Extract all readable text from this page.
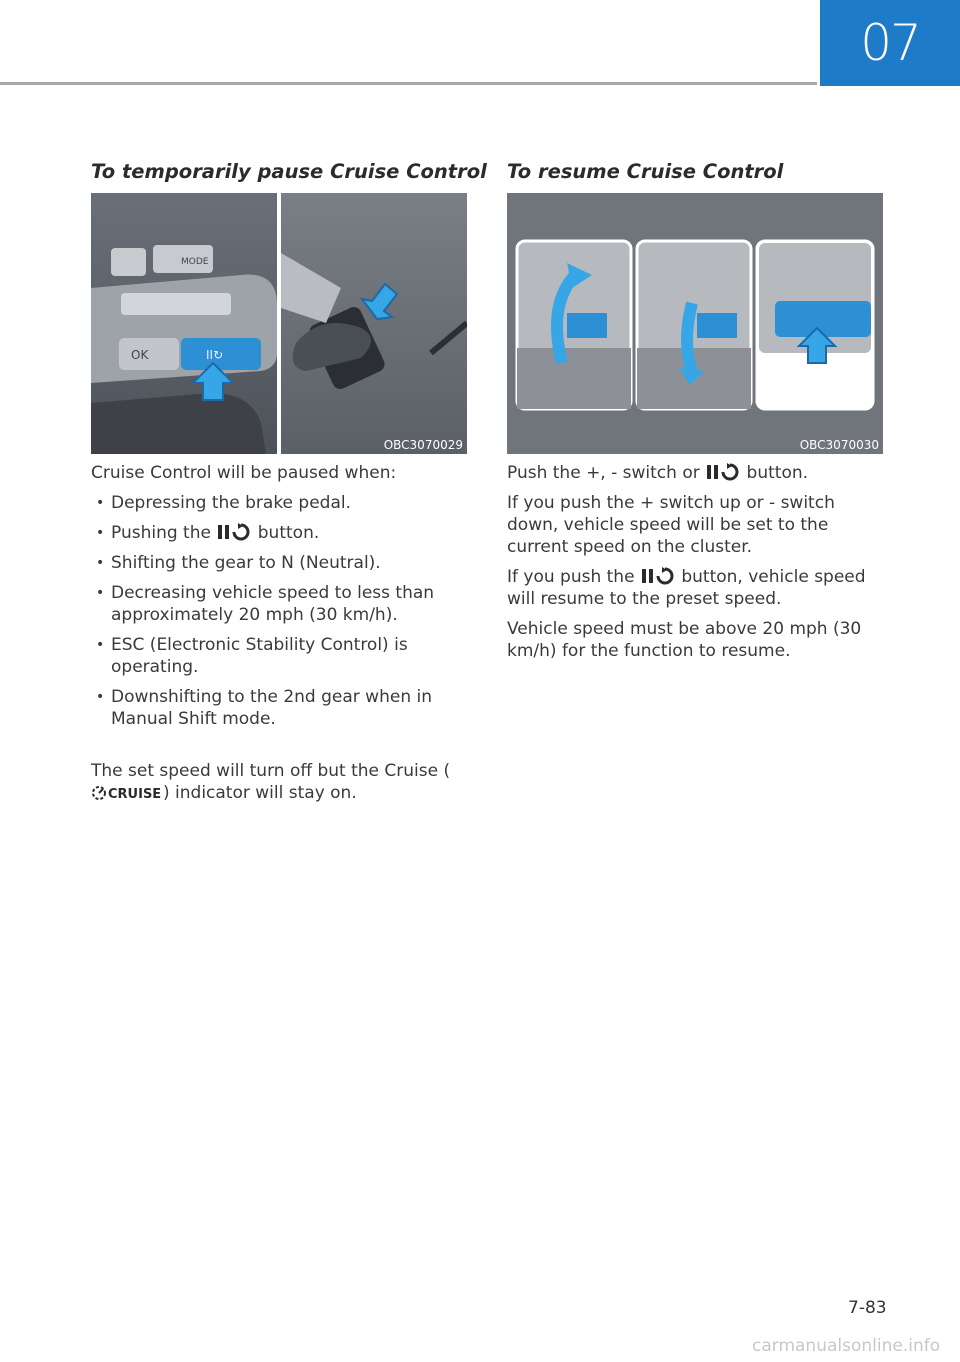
07
To temporarily pause Cruise Control
MODE
OK	II↻
OBC3070029

Cruise Control will be paused when:

• Depressing the brake pedal.
• Pushing the	button.
• Shifting the gear to N (Neutral).
• Decreasing vehicle speed to less than approximately 20 mph (30 km/h).
• ESC (Electronic Stability Control) is operating.
• Downshifting to the 2nd gear when in Manual Shift mode.

The set speed will turn off but the Cruise (
CRUISE ) indicator will stay on.

To resume Cruise Control
OBC3070030

Push the +, - switch or	button.

If you push the + switch up or - switch down, vehicle speed will be set to the current speed on the cluster.

If you push the	button, vehicle speed will resume to the preset speed.

Vehicle speed must be above 20 mph (30 km/h) for the function to resume.

7-83
carmanualsonline.info
